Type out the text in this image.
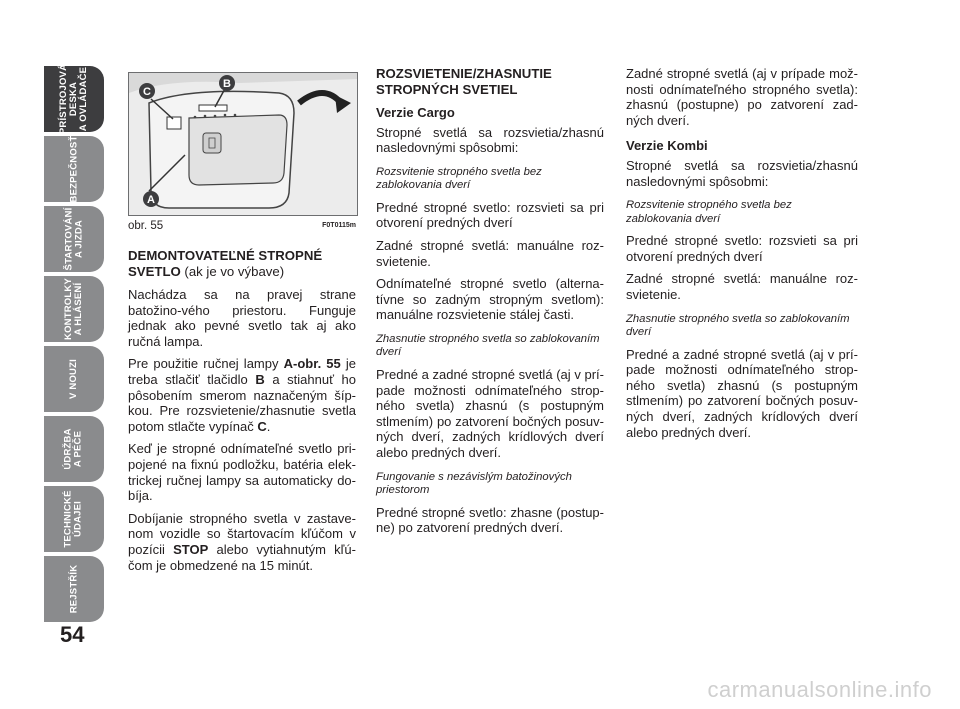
PRÍSTROJOVÁ
DESKA
A OVLÁDAČE
BEZPEČNOSŤ
ŠTARTOVÁNÍ
A JIZDA
KONTROLKY
A HLÁSENÍ
V NOUZI
ÚDRŽBA
A PÉČE
TECHNICKÉ
ÚDAJEI
REJSTŘÍK
54
A
B
C
obr. 55	F0T0115m

DEMONTOVATEĽNÉ STROPNÉ SVETLO (ak je vo výbave)

Nachádza sa na pravej strane batožino-vého priestoru. Funguje jednak ako pevné svetlo tak aj ako ručná lampa.

Pre použitie ručnej lampy A-obr. 55 je treba stlačiť tlačidlo B a stiahnuť ho pôsobením smerom naznačeným šíp-kou. Pre rozsvietenie/zhasnutie svetla potom stlačte vypínač C.

Keď je stropné odnímateľné svetlo pri-pojené na fixnú podložku, batéria elek-trickej ručnej lampy sa automaticky do-bíja.

Dobíjanie stropného svetla v zastave-nom vozidle so štartovacím kľúčom v pozícii STOP alebo vytiahnutým kľú-čom je obmedzené na 15 minút.

ROZSVIETENIE/ZHASNUTIE STROPNÝCH SVETIEL

Verzie Cargo

Stropné svetlá sa rozsvietia/zhasnú nasledovnými spôsobmi:

Rozsvitenie stropného svetla bez zablokovania dverí

Predné stropné svetlo: rozsvieti sa pri otvorení predných dverí

Zadné stropné svetlá: manuálne roz-svietenie.

Odnímateľné stropné svetlo (alterna-tívne so zadným stropným svetlom): manuálne rozsvietenie stálej časti.

Zhasnutie stropného svetla so zablokovaním dverí

Predné a zadné stropné svetlá (aj v prí-pade možnosti odnímateľného strop-ného svetla) zhasnú (s postupným stlmením) po zatvorení bočných posuv-ných dverí, zadných krídlových dverí alebo predných dverí.

Fungovanie s nezávislým batožinových priestorom

Predné stropné svetlo: zhasne (postup-ne) po zatvorení predných dverí.

Zadné stropné svetlá (aj v prípade mož-nosti odnímateľného stropného svetla): zhasnú (postupne) po zatvorení zad-ných dverí.

Verzie Kombi

Stropné svetlá sa rozsvietia/zhasnú nasledovnými spôsobmi:

Rozsvitenie stropného svetla bez zablokovania dverí

Predné stropné svetlo: rozsvieti sa pri otvorení predných dverí

Zadné stropné svetlá: manuálne roz-svietenie.

Zhasnutie stropného svetla so zablokovaním dverí

Predné a zadné stropné svetlá (aj v prí-pade možnosti odnímateľného strop-ného svetla) zhasnú (s postupným stlmením) po zatvorení bočných posuv-ných dverí, zadných krídlových dverí alebo predných dverí.

carmanualsonline.info
